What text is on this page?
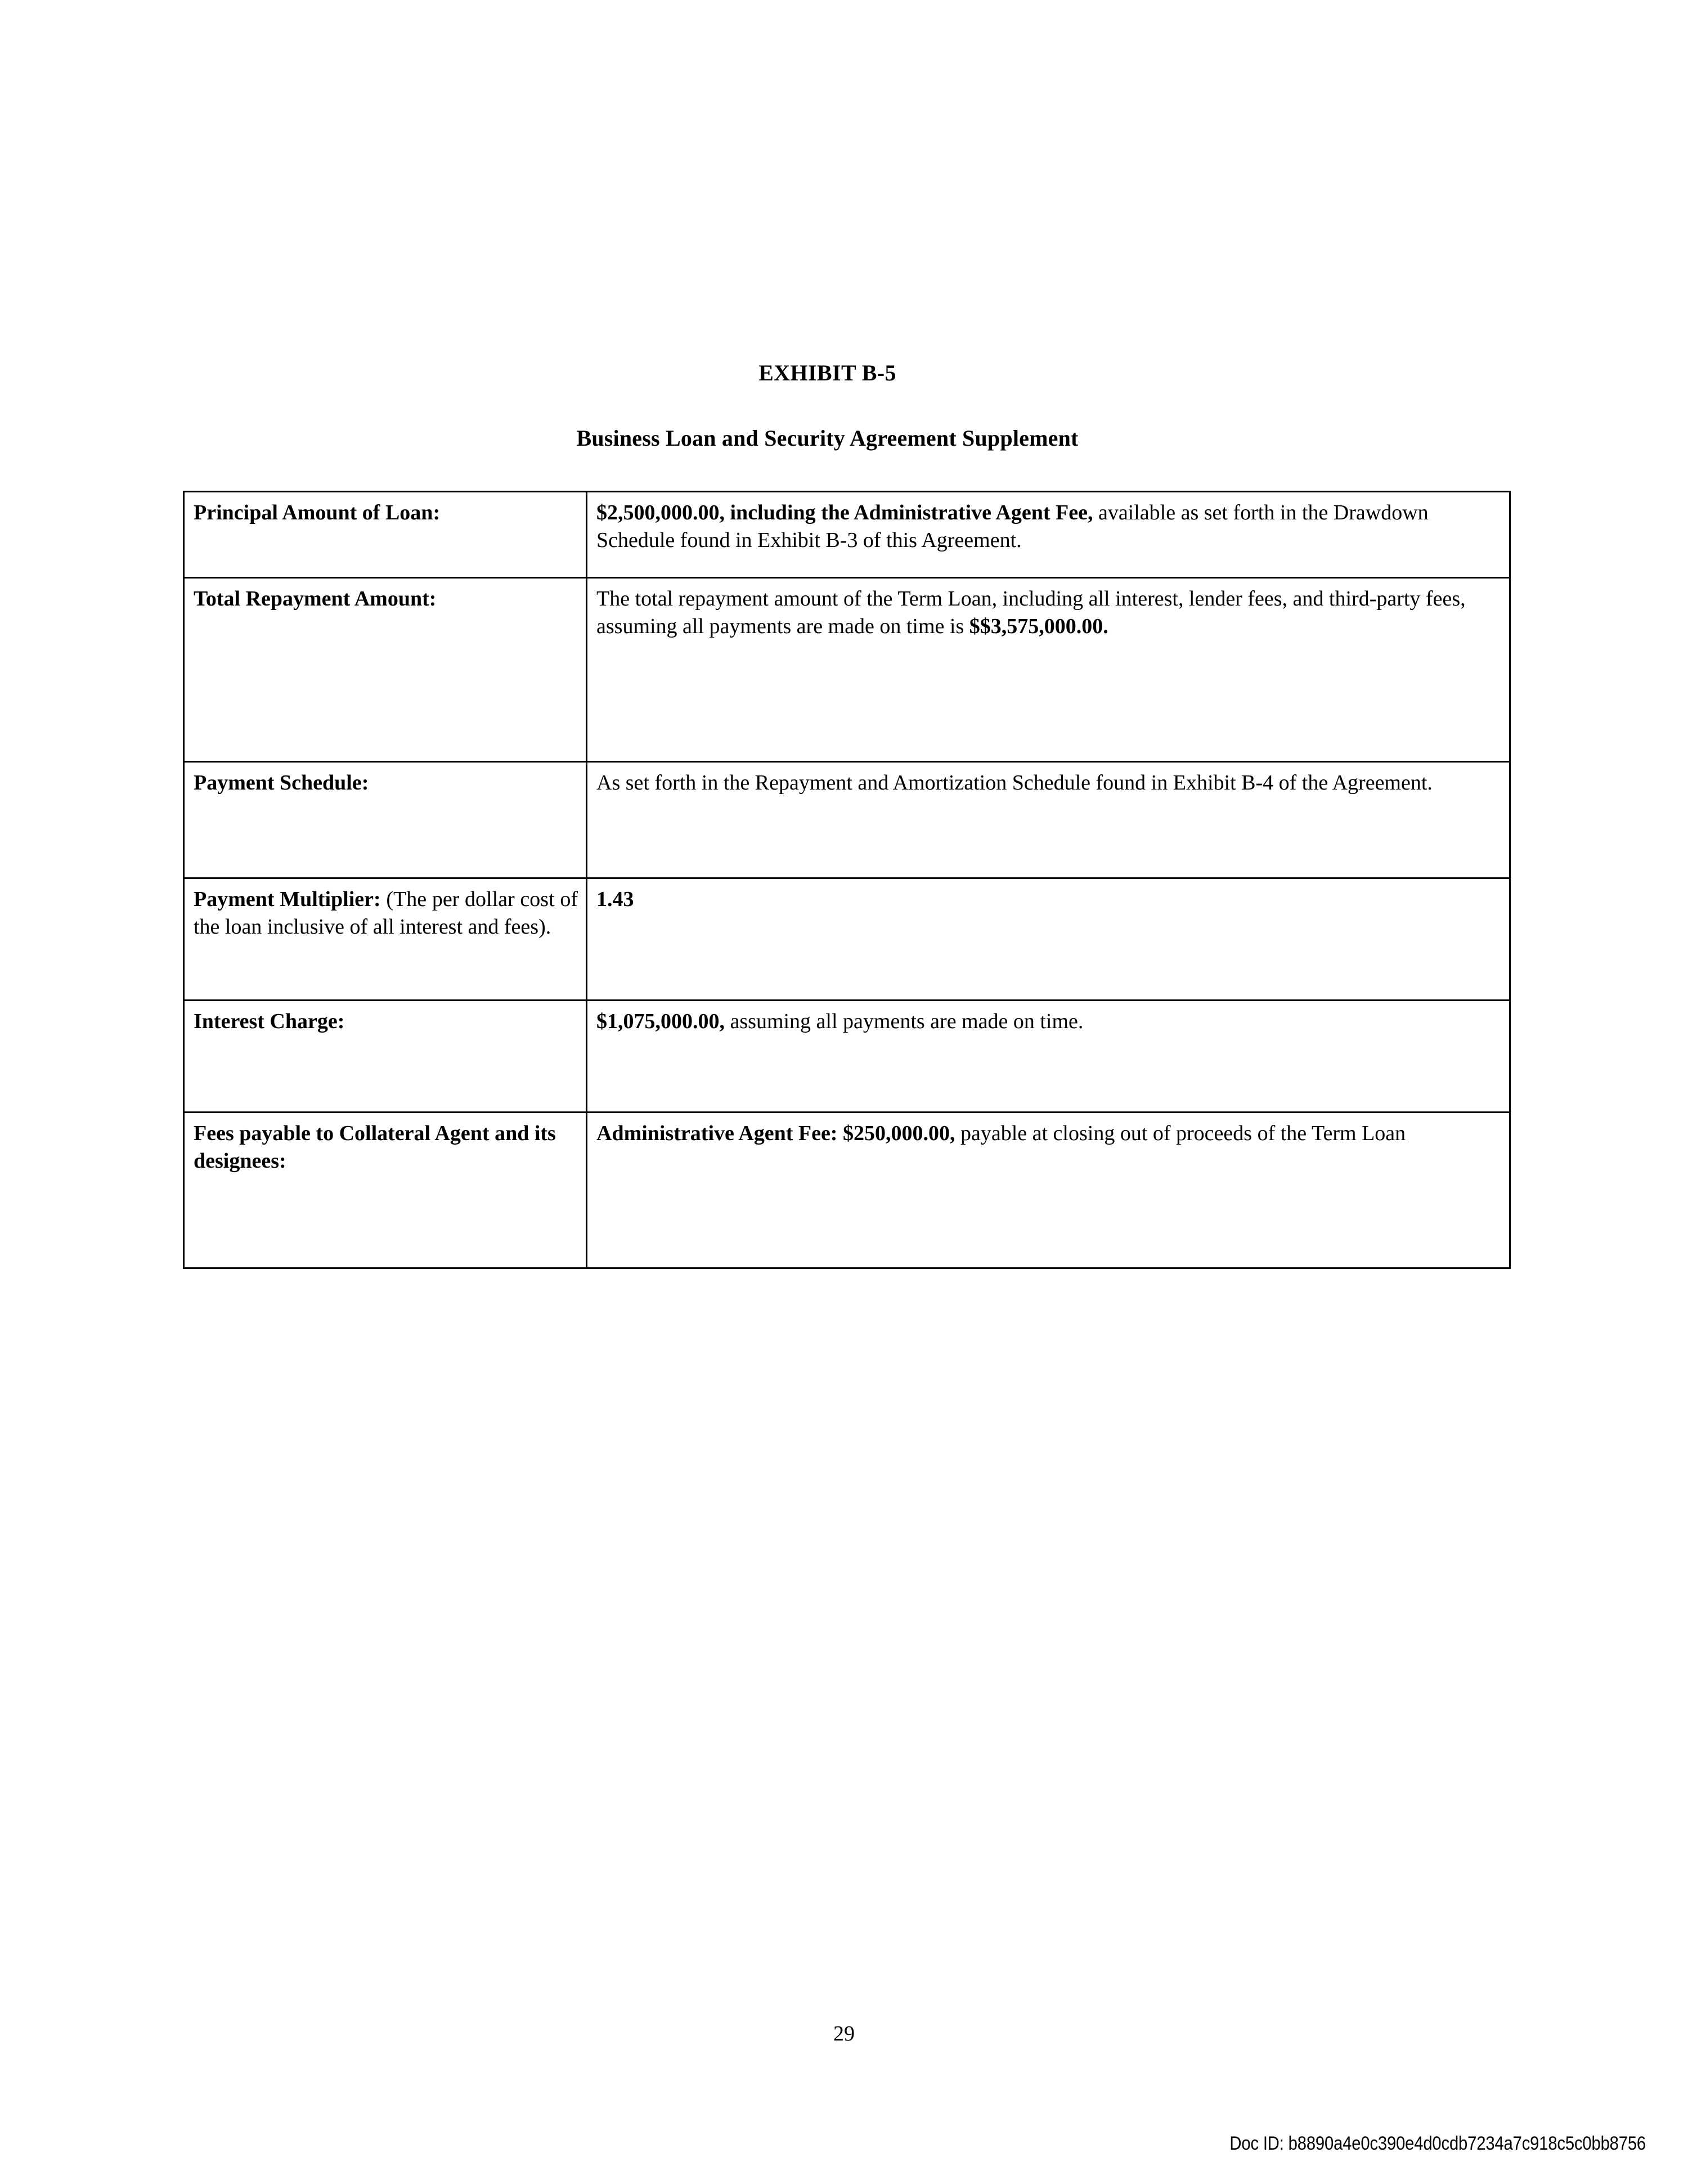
EXHIBIT B-5
Business Loan and Security Agreement Supplement
Principal Amount of Loan:	$2,500,000.00, including the Administrative Agent Fee, available as set forth in the Drawdown Schedule found in Exhibit B-3 of this Agreement.

Total Repayment Amount:	The total repayment amount of the Term Loan, including all interest, lender fees, and third-party fees, assuming all payments are made on time is $$3,575,000.00.

Payment Schedule:	As set forth in the Repayment and Amortization Schedule found in Exhibit B-4 of the Agreement.

Payment Multiplier: (The per dollar cost of the loan inclusive of all interest and fees).	1.43

Interest Charge:	$1,075,000.00, assuming all payments are made on time.

Fees payable to Collateral Agent and its designees:	Administrative Agent Fee: $250,000.00, payable at closing out of proceeds of the Term Loan
29
Doc ID: b8890a4e0c390e4d0cdb7234a7c918c5c0bb8756
